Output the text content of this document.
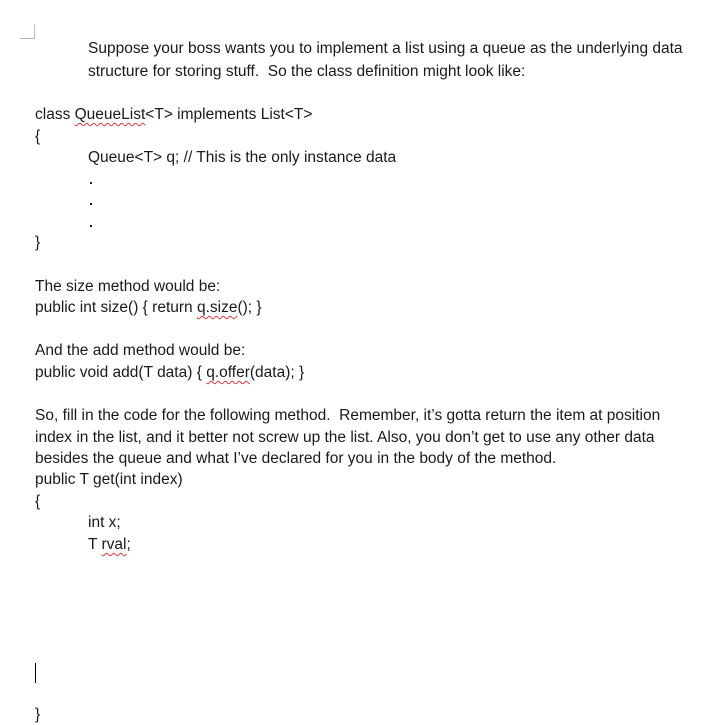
Suppose your boss wants you to implement a list using a queue as the underlying data
structure for storing stuff.  So the class definition might look like:
class QueueList<T> implements List<T>
{
Queue<T> q; // This is the only instance data
}
The size method would be:
public int size() { return q.size(); }
And the add method would be:
public void add(T data) { q.offer(data); }
So, fill in the code for the following method.  Remember, it’s gotta return the item at position
index in the list, and it better not screw up the list. Also, you don’t get to use any other data
besides the queue and what I’ve declared for you in the body of the method.
public T get(int index)
{
int x;
T rval;
}
